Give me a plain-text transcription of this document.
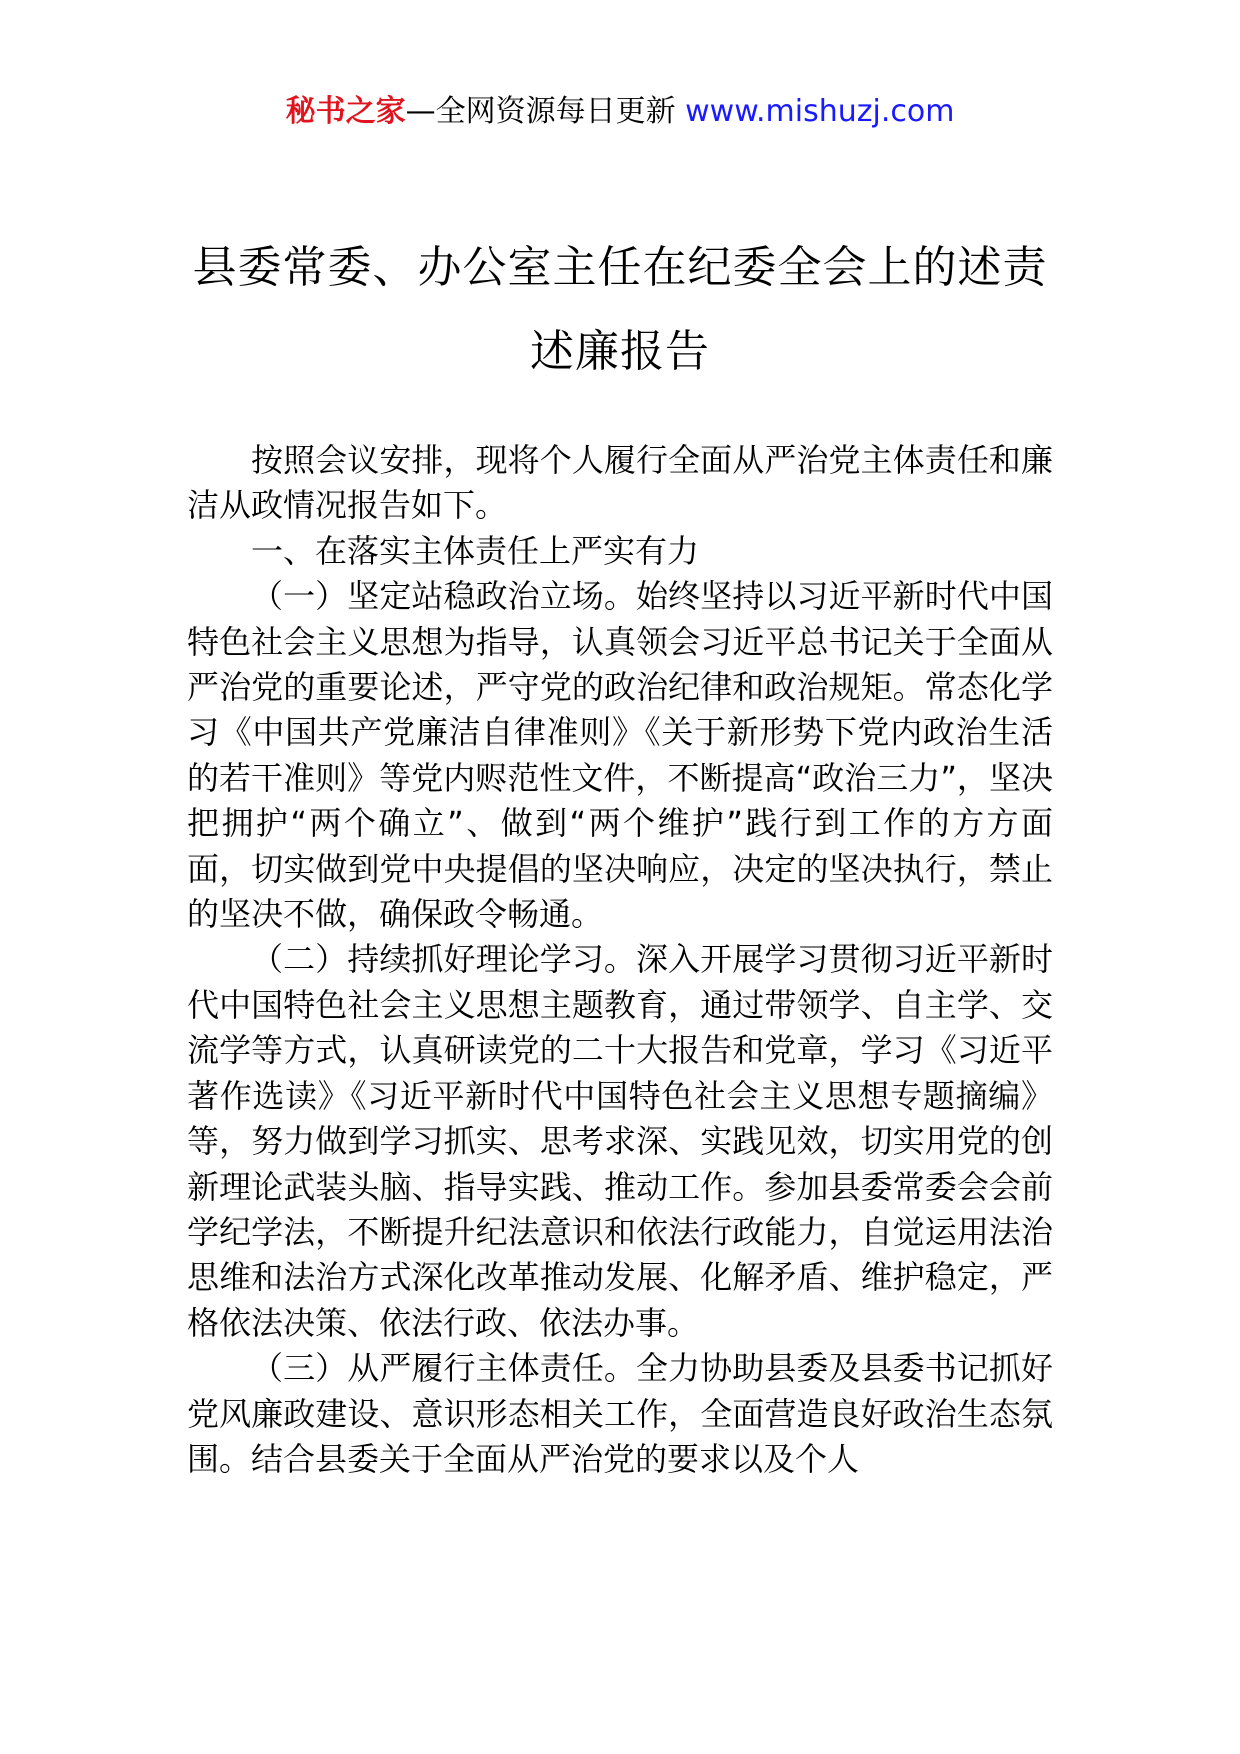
秘书之家—全网资源每日更新 www.mishuzj.com
县委常委、办公室主任在纪委全会上的述责述廉报告

按照会议安排，现将个人履行全面从严治党主体责任和廉洁从政情况报告如下。

一、在落实主体责任上严实有力

（一）坚定站稳政治立场。始终坚持以习近平新时代中国特色社会主义思想为指导，认真领会习近平总书记关于全面从严治党的重要论述，严守党的政治纪律和政治规矩。常态化学习《中国共产党廉洁自律准则》《关于新形势下党内政治生活的若干准则》等党内赆范性文件，不断提高“政治三力”，坚决把拥护“两个确立”、做到“两个维护”践行到工作的方方面面，切实做到党中央提倡的坚决响应，决定的坚决执行，禁止的坚决不做，确保政令畅通。

（二）持续抓好理论学习。深入开展学习贯彻习近平新时代中国特色社会主义思想主题教育，通过带领学、自主学、交流学等方式，认真研读党的二十大报告和党章，学习《习近平著作选读》《习近平新时代中国特色社会主义思想专题摘编》等，努力做到学习抓实、思考求深、实践见效，切实用党的创新理论武装头脑、指导实践、推动工作。参加县委常委会会前学纪学法，不断提升纪法意识和依法行政能力，自觉运用法治思维和法治方式深化改革推动发展、化解矛盾、维护稳定，严格依法决策、依法行政、依法办事。

（三）从严履行主体责任。全力协助县委及县委书记抓好党风廉政建设、意识形态相关工作，全面营造良好政治生态氛围。结合县委关于全面从严治党的要求以及个人
